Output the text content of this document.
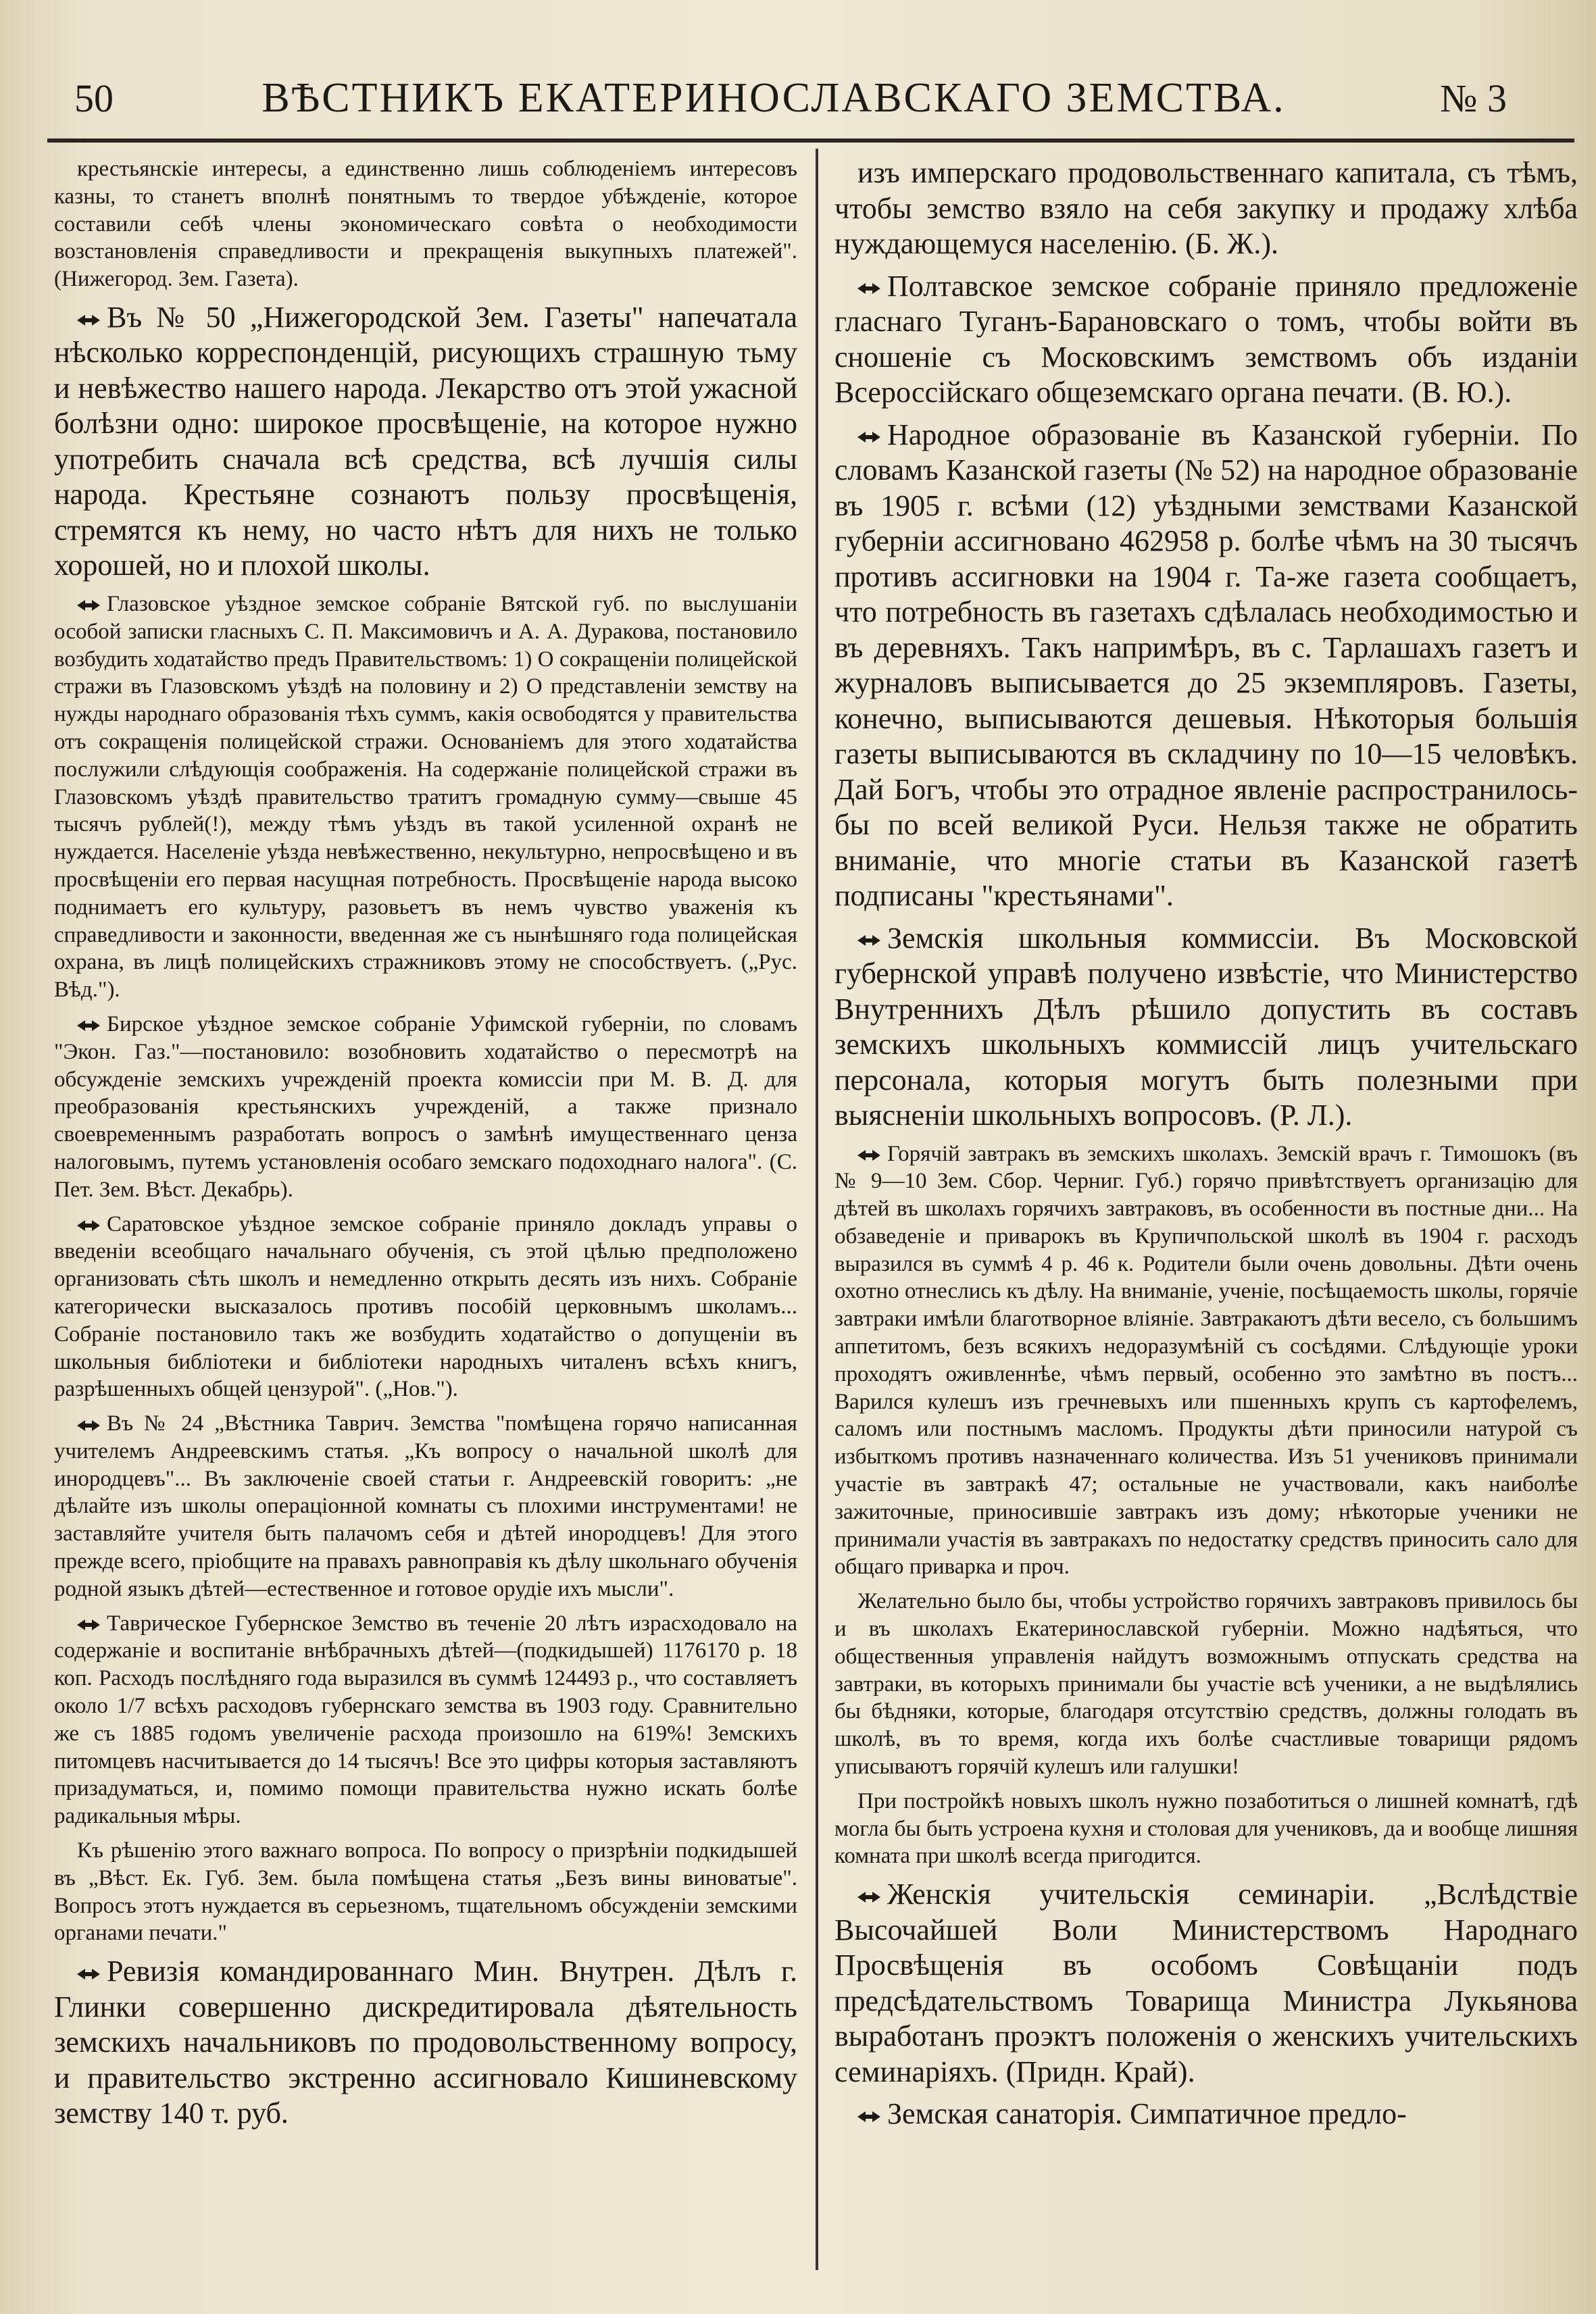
50	ВѢСТНИКЪ ЕКАТЕРИНОСЛАВСКАГО ЗЕМСТВА.	№ 3

крестьянскіе интересы, а единственно лишь соблюденіемъ интересовъ казны, то станетъ вполнѣ понятнымъ то твердое убѣжденіе, которое составили себѣ члены экономическаго совѣта о необходимости возстановленія справедливости и прекращенія выкупныхъ платежей". (Нижегород. Зем. Газета).

Въ № 50 „Нижегородской Зем. Газеты" напечатала нѣсколько корреспонденцій, рисующихъ страшную тьму и невѣжество нашего народа. Лекарство отъ этой ужасной болѣзни одно: широкое просвѣщеніе, на которое нужно употребить сначала всѣ средства, всѣ лучшія силы народа. Крестьяне сознаютъ пользу просвѣщенія, стремятся къ нему, но часто нѣтъ для нихъ не только хорошей, но и плохой школы.

Глазовское уѣздное земское собраніе Вятской губ. по выслушаніи особой записки гласныхъ С. П. Максимовичъ и А. А. Дуракова, постановило возбудить ходатайство предъ Правительствомъ: 1) О сокращеніи полицейской стражи въ Глазовскомъ уѣздѣ на половину и 2) О представленіи земству на нужды народнаго образованія тѣхъ суммъ, какія освободятся у правительства отъ сокращенія полицейской стражи. Основаніемъ для этого ходатайства послужили слѣдующія соображенія. На содержаніе полицейской стражи въ Глазовскомъ уѣздѣ правительство тратитъ громадную сумму—свыше 45 тысячъ рублей(!), между тѣмъ уѣздъ въ такой усиленной охранѣ не нуждается. Населеніе уѣзда невѣжественно, некультурно, непросвѣщено и въ просвѣщеніи его первая насущная потребность. Просвѣщеніе народа высоко поднимаетъ его культуру, разовьетъ въ немъ чувство уваженія къ справедливости и законности, введенная же съ нынѣшняго года полицейская охрана, въ лицѣ полицейскихъ стражниковъ этому не способствуетъ. („Рус. Вѣд.").

Бирское уѣздное земское собраніе Уфимской губерніи, по словамъ "Экон. Газ."—постановило: возобновить ходатайство о пересмотрѣ на обсужденіе земскихъ учрежденій проекта комиссіи при М. В. Д. для преобразованія крестьянскихъ учрежденій, а также признало своевременнымъ разработать вопросъ о замѣнѣ имущественнаго ценза налоговымъ, путемъ установленія особаго земскаго подоходнаго налога". (С. Пет. Зем. Вѣст. Декабрь).

Саратовское уѣздное земское собраніе приняло докладъ управы о введеніи всеобщаго начальнаго обученія, съ этой цѣлью предположено организовать сѣть школъ и немедленно открыть десять изъ нихъ. Собраніе категорически высказалось противъ пособій церковнымъ школамъ... Собраніе постановило такъ же возбудить ходатайство о допущеніи въ школьныя библіотеки и библіотеки народныхъ читаленъ всѣхъ книгъ, разрѣшенныхъ общей цензурой". („Нов.").

Въ № 24 „Вѣстника Таврич. Земства "помѣщена горячо написанная учителемъ Андреевскимъ статья. „Къ вопросу о начальной школѣ для инородцевъ"... Въ заключеніе своей статьи г. Андреевскій говоритъ: „не дѣлайте изъ школы операціонной комнаты съ плохими инструментами! не заставляйте учителя быть палачомъ себя и дѣтей инородцевъ! Для этого прежде всего, пріобщите на правахъ равноправія къ дѣлу школьнаго обученія родной языкъ дѣтей—естественное и готовое орудіе ихъ мысли".

Таврическое Губернское Земство въ теченіе 20 лѣтъ израсходовало на содержаніе и воспитаніе внѣбрачныхъ дѣтей—(подкидышей) 1176170 р. 18 коп. Расходъ послѣдняго года выразился въ суммѣ 124493 р., что составляетъ около 1/7 всѣхъ расходовъ губернскаго земства въ 1903 году. Сравнительно же съ 1885 годомъ увеличеніе расхода произошло на 619%! Земскихъ питомцевъ насчитывается до 14 тысячъ! Все это цифры которыя заставляютъ призадуматься, и, помимо помощи правительства нужно искать болѣе радикальныя мѣры.

Къ рѣшенію этого важнаго вопроса. По вопросу о призрѣніи подкидышей въ „Вѣст. Ек. Губ. Зем. была помѣщена статья „Безъ вины виноватые". Вопросъ этотъ нуждается въ серьезномъ, тщательномъ обсужденіи земскими органами печати."

Ревизія командированнаго Мин. Внутрен. Дѣлъ г. Глинки совершенно дискредитировала дѣятельность земскихъ начальниковъ по продовольственному вопросу, и правительство экстренно ассигновало Кишиневскому земству 140 т. руб.

изъ имперскаго продовольственнаго капитала, съ тѣмъ, чтобы земство взяло на себя закупку и продажу хлѣба нуждающемуся населенію. (Б. Ж.).

Полтавское земское собраніе приняло предложеніе гласнаго Туганъ-Барановскаго о томъ, чтобы войти въ сношеніе съ Московскимъ земствомъ объ изданіи Всероссійскаго общеземскаго органа печати. (В. Ю.).

Народное образованіе въ Казанской губерніи. По словамъ Казанской газеты (№ 52) на народное образованіе въ 1905 г. всѣми (12) уѣздными земствами Казанской губерніи ассигновано 462958 р. болѣе чѣмъ на 30 тысячъ противъ ассигновки на 1904 г. Та-же газета сообщаетъ, что потребность въ газетахъ сдѣлалась необходимостью и въ деревняхъ. Такъ напримѣръ, въ с. Тарлашахъ газетъ и журналовъ выписывается до 25 экземпляровъ. Газеты, конечно, выписываются дешевыя. Нѣкоторыя большія газеты выписываются въ складчину по 10—15 человѣкъ. Дай Богъ, чтобы это отрадное явленіе распространилось-бы по всей великой Руси. Нельзя также не обратить вниманіе, что многіе статьи въ Казанской газетѣ подписаны "крестьянами".

Земскія школьныя коммиссіи. Въ Московской губернской управѣ получено извѣстіе, что Министерство Внутреннихъ Дѣлъ рѣшило допустить въ составъ земскихъ школьныхъ коммиссій лицъ учительскаго персонала, которыя могутъ быть полезными при выясненіи школьныхъ вопросовъ. (Р. Л.).

Горячій завтракъ въ земскихъ школахъ. Земскій врачъ г. Тимошокъ (въ № 9—10 Зем. Сбор. Черниг. Губ.) горячо привѣтствуетъ организацію для дѣтей въ школахъ горячихъ завтраковъ, въ особенности въ постные дни... На обзаведеніе и приварокъ въ Крупичпольской школѣ въ 1904 г. расходъ выразился въ суммѣ 4 р. 46 к. Родители были очень довольны. Дѣти очень охотно отнеслись къ дѣлу. На вниманіе, ученіе, посѣщаемость школы, горячіе завтраки имѣли благотворное вліяніе. Завтракаютъ дѣти весело, съ большимъ аппетитомъ, безъ всякихъ недоразумѣній съ сосѣдями. Слѣдующіе уроки проходятъ оживленнѣе, чѣмъ первый, особенно это замѣтно въ постъ... Варился кулешъ изъ гречневыхъ или пшенныхъ крупъ съ картофелемъ, саломъ или постнымъ масломъ. Продукты дѣти приносили натурой съ избыткомъ противъ назначеннаго количества. Изъ 51 учениковъ принимали участіе въ завтракѣ 47; остальные не участвовали, какъ наиболѣе зажиточные, приносившіе завтракъ изъ дому; нѣкоторые ученики не принимали участія въ завтракахъ по недостатку средствъ приносить сало для общаго приварка и проч.

Желательно было бы, чтобы устройство горячихъ завтраковъ привилось бы и въ школахъ Екатеринославской губерніи. Можно надѣяться, что общественныя управленія найдутъ возможнымъ отпускать средства на завтраки, въ которыхъ принимали бы участіе всѣ ученики, а не выдѣлялись бы бѣдняки, которые, благодаря отсутствію средствъ, должны голодать въ школѣ, въ то время, когда ихъ болѣе счастливые товарищи рядомъ уписываютъ горячій кулешъ или галушки!

При постройкѣ новыхъ школъ нужно позаботиться о лишней комнатѣ, гдѣ могла бы быть устроена кухня и столовая для учениковъ, да и вообще лишняя комната при школѣ всегда пригодится.

Женскія учительскія семинаріи. „Вслѣдствіе Высочайшей Воли Министерствомъ Народнаго Просвѣщенія въ особомъ Совѣщаніи подъ предсѣдательствомъ Товарища Министра Лукьянова выработанъ проэктъ положенія о женскихъ учительскихъ семинаріяхъ. (Придн. Край).

Земская санаторія. Симпатичное предло-
